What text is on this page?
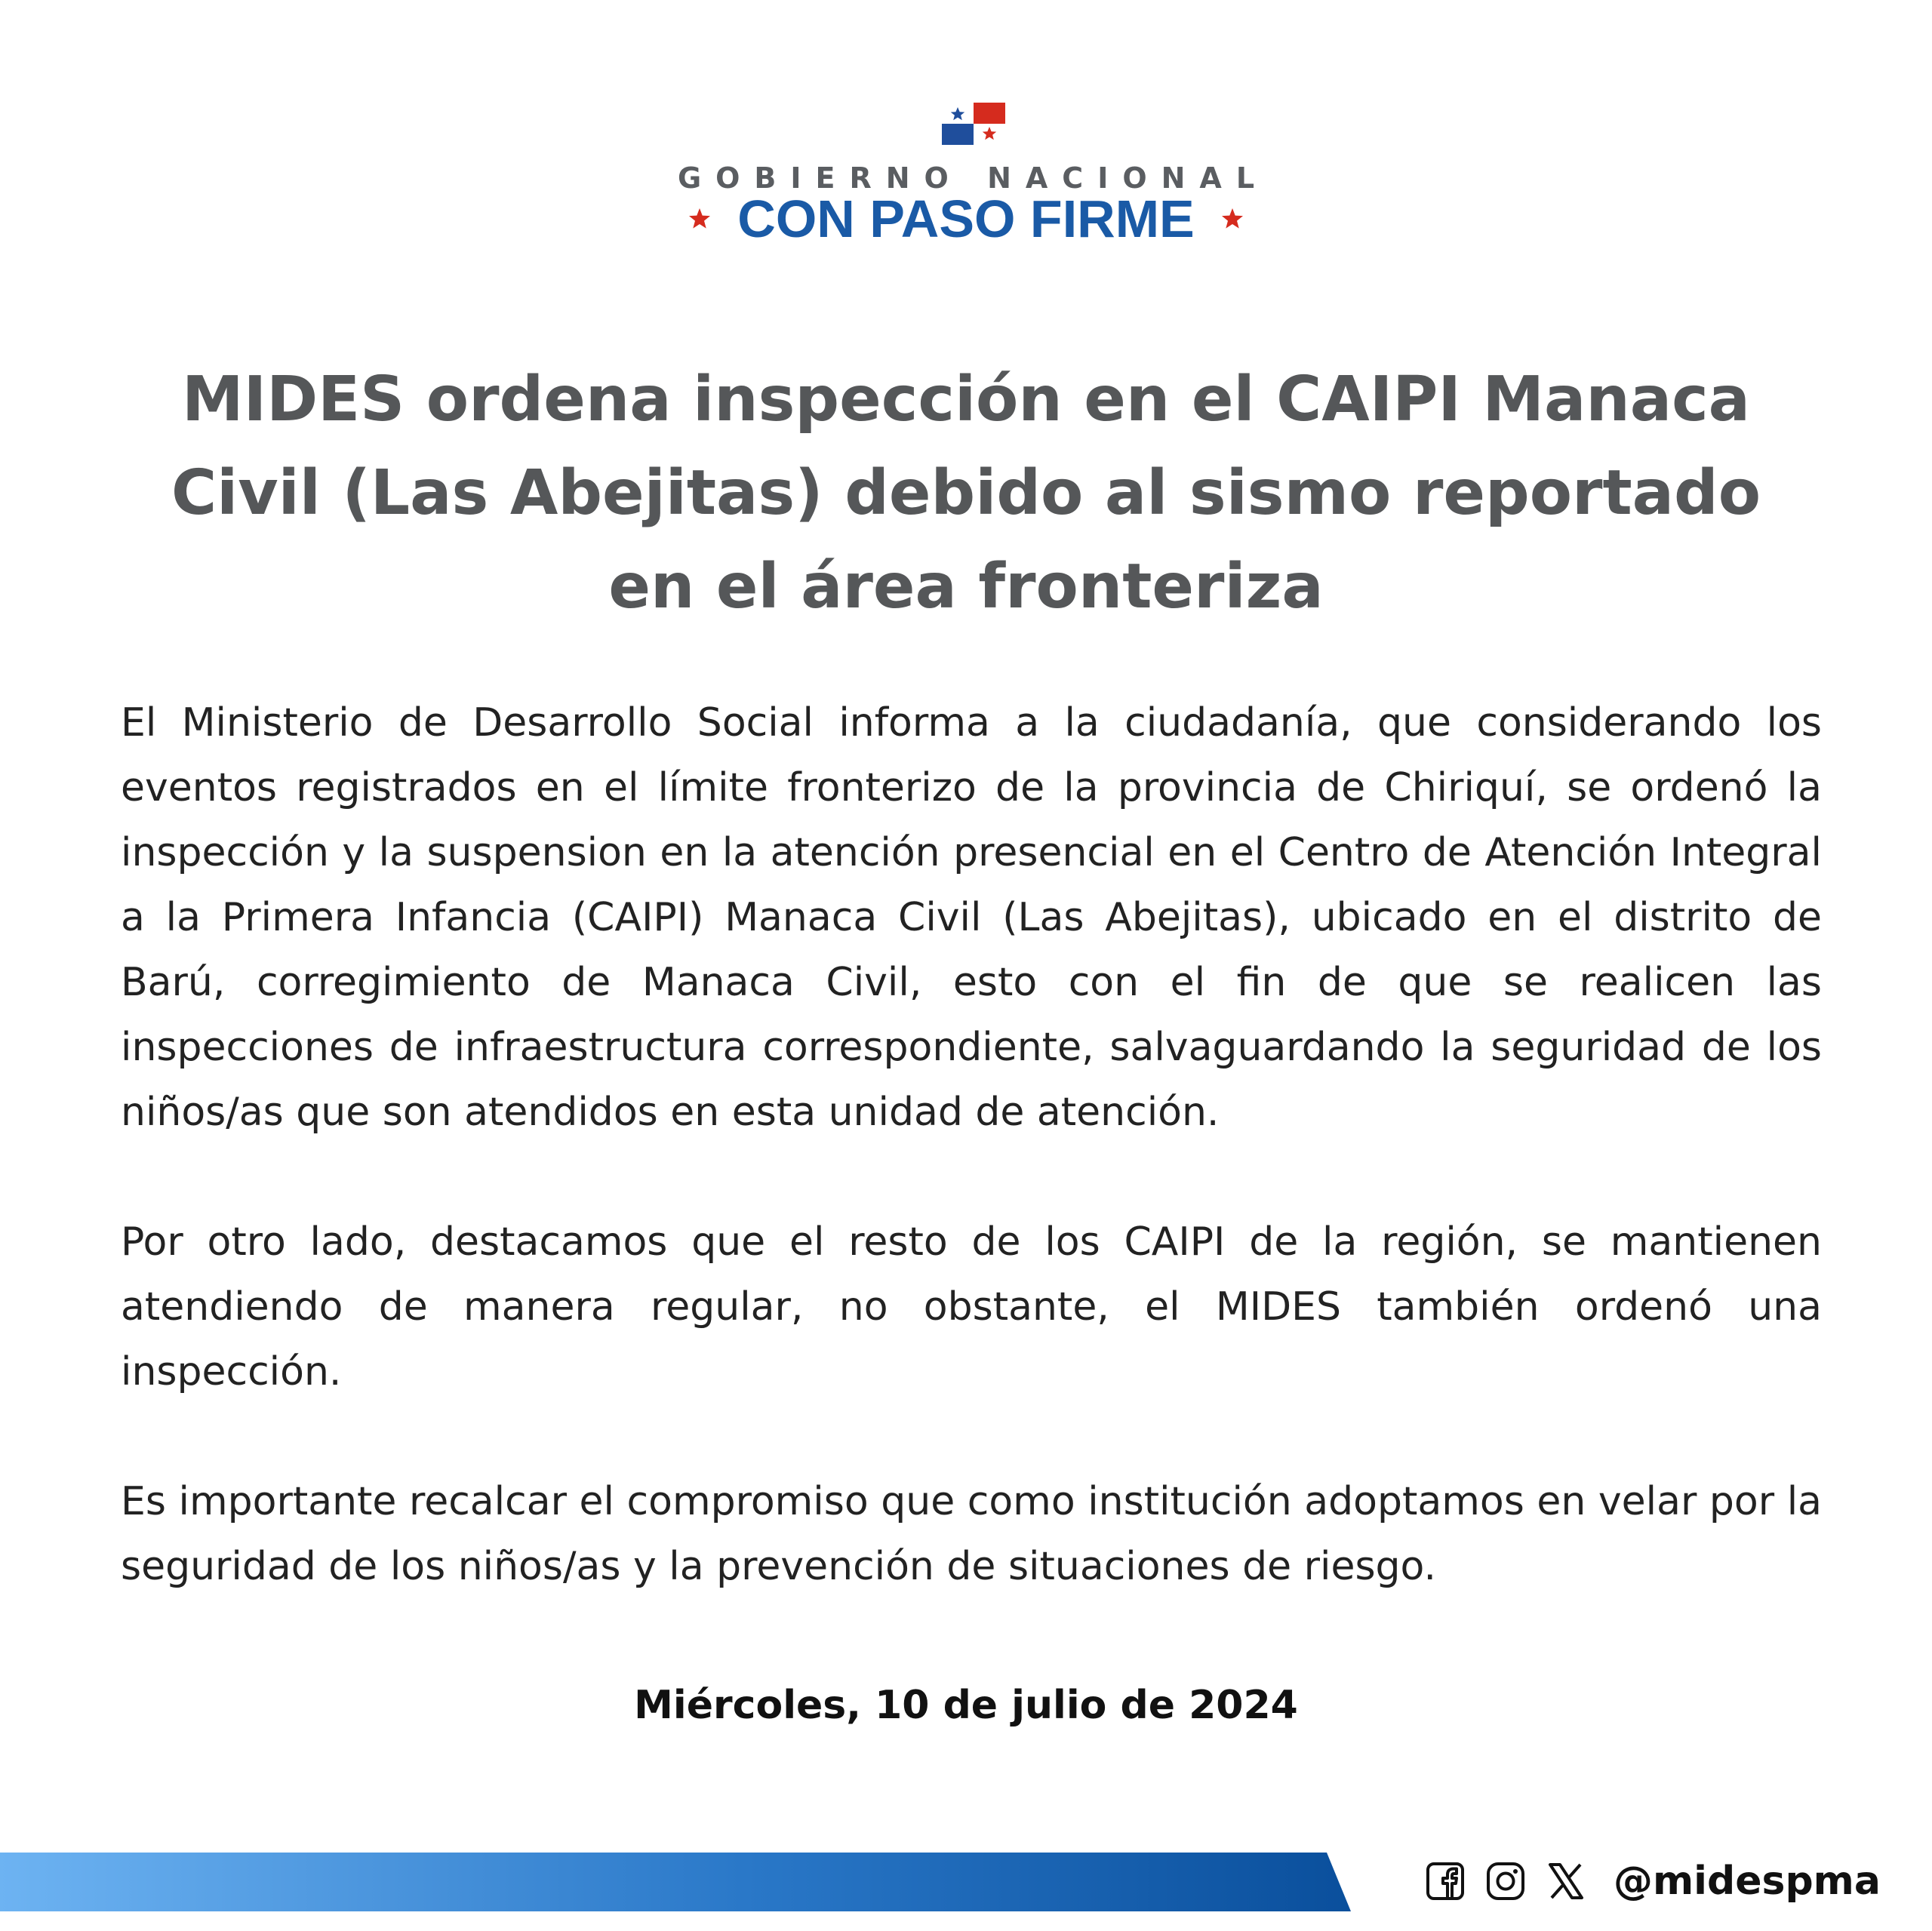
GOBIERNO NACIONAL
CON PASO FIRME
MIDES ordena inspección en el CAIPI Manaca Civil (Las Abejitas) debido al sismo reportado en el área fronteriza

El Ministerio de Desarrollo Social informa a la ciudadanía, que considerando los eventos registrados en el límite fronterizo de la provincia de Chiriquí, se ordenó la inspección y la suspension en la atención presencial en el Centro de Atención Integral a la Primera Infancia (CAIPI) Manaca Civil (Las Abejitas), ubicado en el distrito de Barú, corregimiento de Manaca Civil, esto con el fin de que se realicen las inspecciones de infraestructura correspondiente, salvaguardando la seguridad de los niños/as que son atendidos en esta unidad de atención.

Por otro lado, destacamos que el resto de los CAIPI de la región, se mantienen atendiendo de manera regular, no obstante, el MIDES también ordenó una inspección.

Es importante recalcar el compromiso que como institución adoptamos en velar por la seguridad de los niños/as y la prevención de situaciones de riesgo.

Miércoles, 10 de julio de 2024
@midespma
